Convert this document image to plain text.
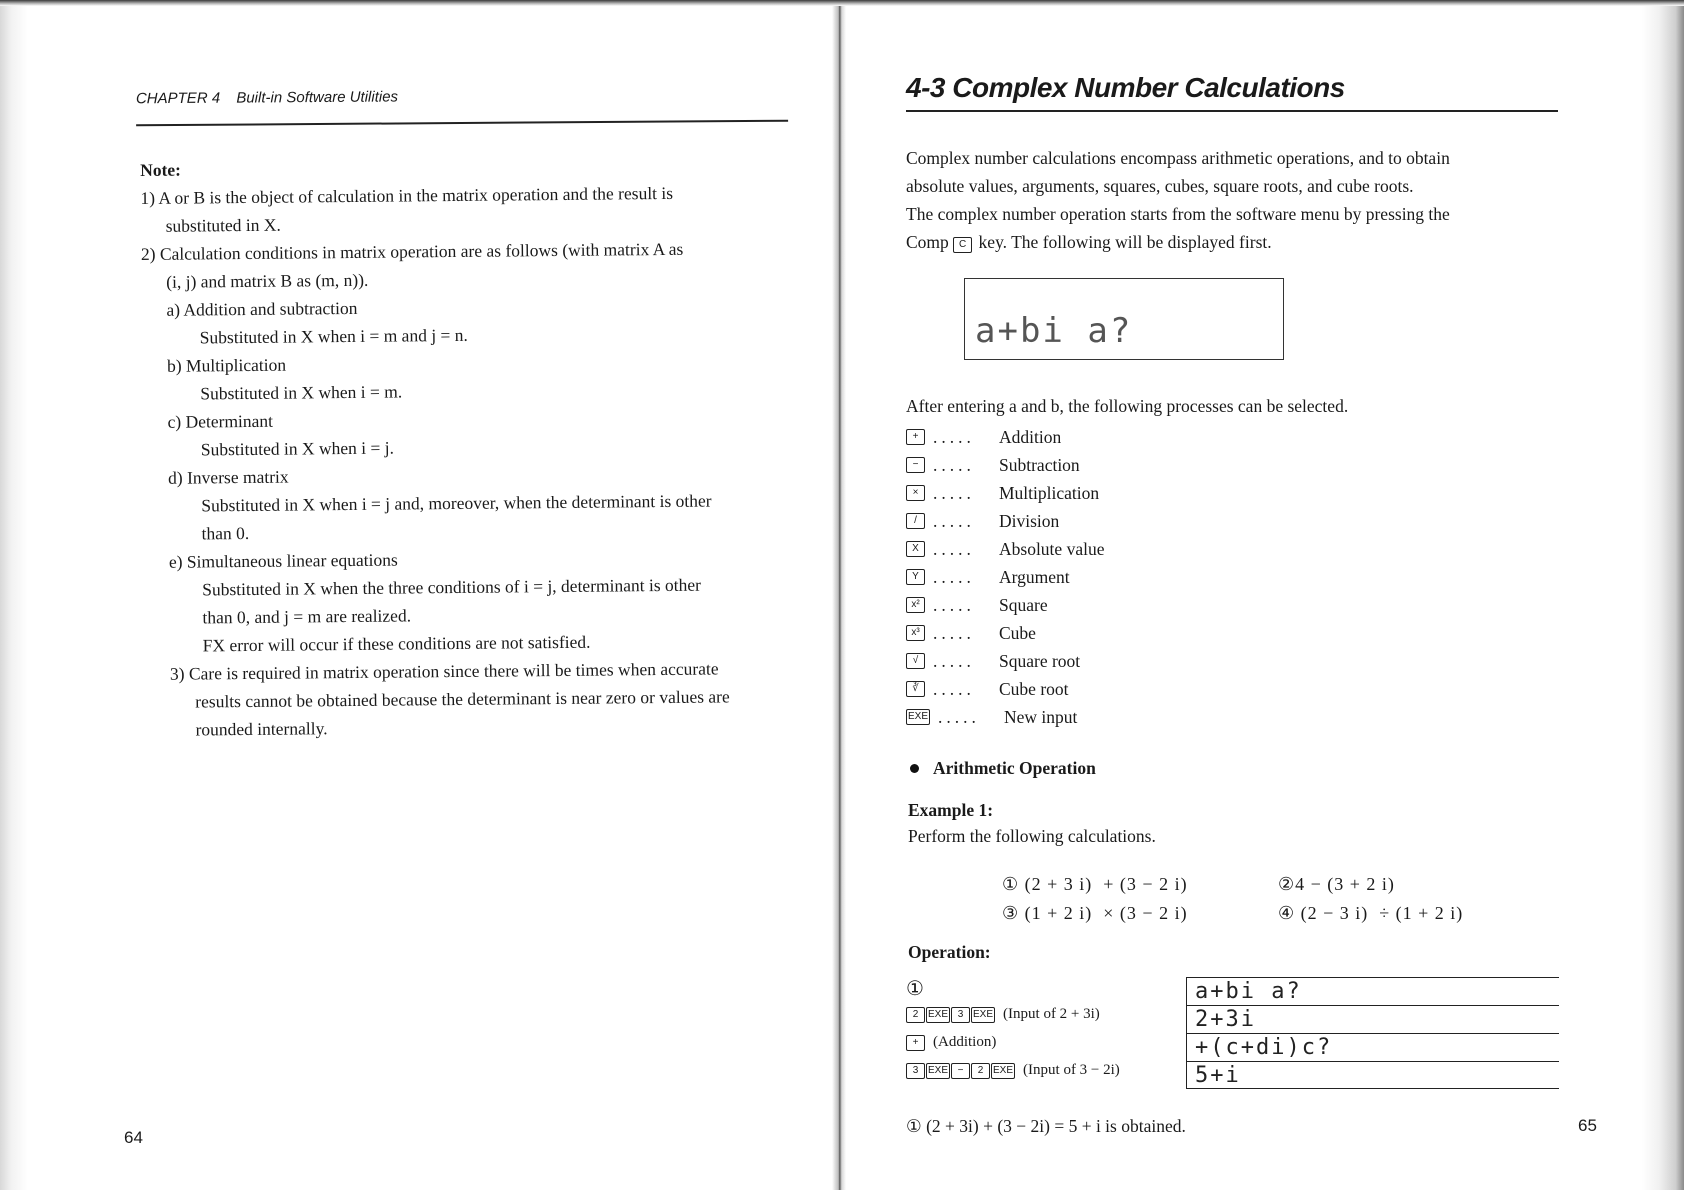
CHAPTER 4 Built-in Software Utilities

Note:

1) A or B is the object of calculation in the matrix operation and the result is

substituted in X.

2) Calculation conditions in matrix operation are as follows (with matrix A as

(i, j) and matrix B as (m, n)).

a) Addition and subtraction

Substituted in X when i = m and j = n.

b) Multiplication

Substituted in X when i = m.

c) Determinant

Substituted in X when i = j.

d) Inverse matrix

Substituted in X when i = j and, moreover, when the determinant is other

than 0.

e) Simultaneous linear equations

Substituted in X when the three conditions of i = j, determinant is other

than 0, and j = m are realized.

FX error will occur if these conditions are not satisfied.

3) Care is required in matrix operation since there will be times when accurate

results cannot be obtained because the determinant is near zero or values are

rounded internally.

64
4-3 Complex Number Calculations

Complex number calculations encompass arithmetic operations, and to obtain

absolute values, arguments, squares, cubes, square roots, and cube roots.

The complex number operation starts from the software menu by pressing the

Comp C key. The following will be displayed first.

a+bi a?
After entering a and b, the following processes can be selected.
+ .....	Addition
− .....	Subtraction
× .....	Multiplication
/ .....	Division
X .....	Absolute value
Y .....	Argument
x² .....	Square
x³ .....	Cube
√ .....	Square root
∛ .....	Cube root
EXE .....	New input
Arithmetic Operation
Example 1:
Perform the following calculations.
① (2 + 3 i)  + (3 − 2 i)	②4 − (3 + 2 i)
③ (1 + 2 i)  × (3 − 2 i)	④ (2 − 3 i)  ÷ (1 + 2 i)
Operation:
①
2 EXE 3 EXE (Input of 2 + 3i)
+ (Addition)
3 EXE −	2 EXE (Input of 3 − 2i)
a+bi a?
2+3i
+(c+di)c?
5+i
① (2 + 3i) + (3 − 2i) = 5 + i is obtained.	65
